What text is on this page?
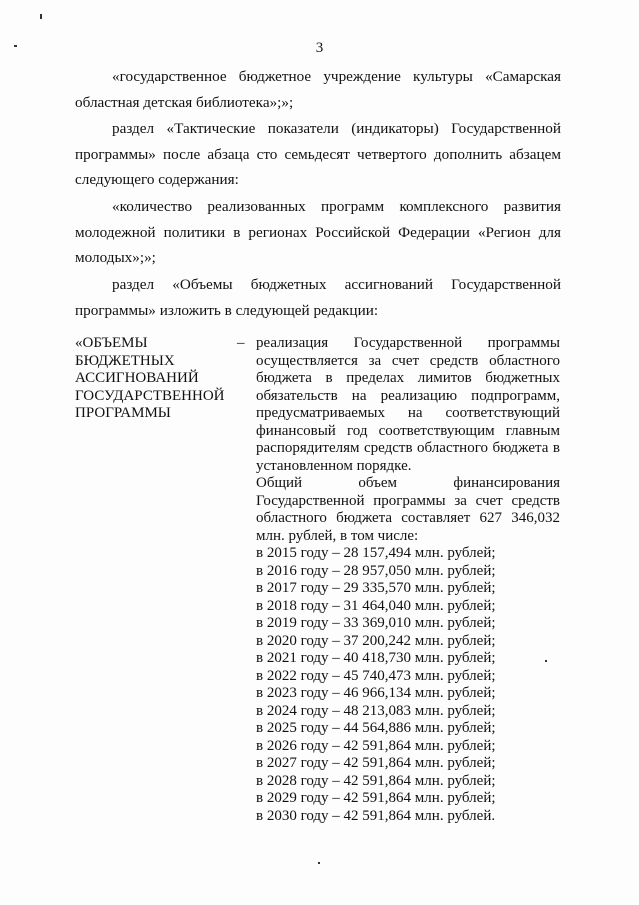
3
«государственное бюджетное учреждение культуры «Самарская областная детская библиотека»;»;
раздел «Тактические показатели (индикаторы) Государственной программы» после абзаца сто семьдесят четвертого дополнить абзацем следующего содержания:
«количество реализованных программ комплексного развития молодежной политики в регионах Российской Федерации «Регион для молодых»;»;
раздел «Объемы бюджетных ассигнований Государственной программы» изложить в следующей редакции:
«ОБЪЕМЫ
БЮДЖЕТНЫХ
АССИГНОВАНИЙ
ГОСУДАРСТВЕННОЙ
ПРОГРАММЫ
– реализация Государственной программы осуществляется за счет средств областного бюджета в пределах лимитов бюджетных обязательств на реализацию подпрограмм, предусматриваемых на соответствующий финансовый год соответствующим главным распорядителям средств областного бюджета в установленном порядке.
Общий объем финансирования Государственной программы за счет средств областного бюджета составляет 627 346,032 млн. рублей, в том числе:
в 2015 году – 28 157,494 млн. рублей;
в 2016 году – 28 957,050 млн. рублей;
в 2017 году – 29 335,570 млн. рублей;
в 2018 году – 31 464,040 млн. рублей;
в 2019 году – 33 369,010 млн. рублей;
в 2020 году – 37 200,242 млн. рублей;
в 2021 году – 40 418,730 млн. рублей;
в 2022 году – 45 740,473 млн. рублей;
в 2023 году – 46 966,134 млн. рублей;
в 2024 году – 48 213,083 млн. рублей;
в 2025 году – 44 564,886 млн. рублей;
в 2026 году – 42 591,864 млн. рублей;
в 2027 году – 42 591,864 млн. рублей;
в 2028 году – 42 591,864 млн. рублей;
в 2029 году – 42 591,864 млн. рублей;
в 2030 году – 42 591,864 млн. рублей.
